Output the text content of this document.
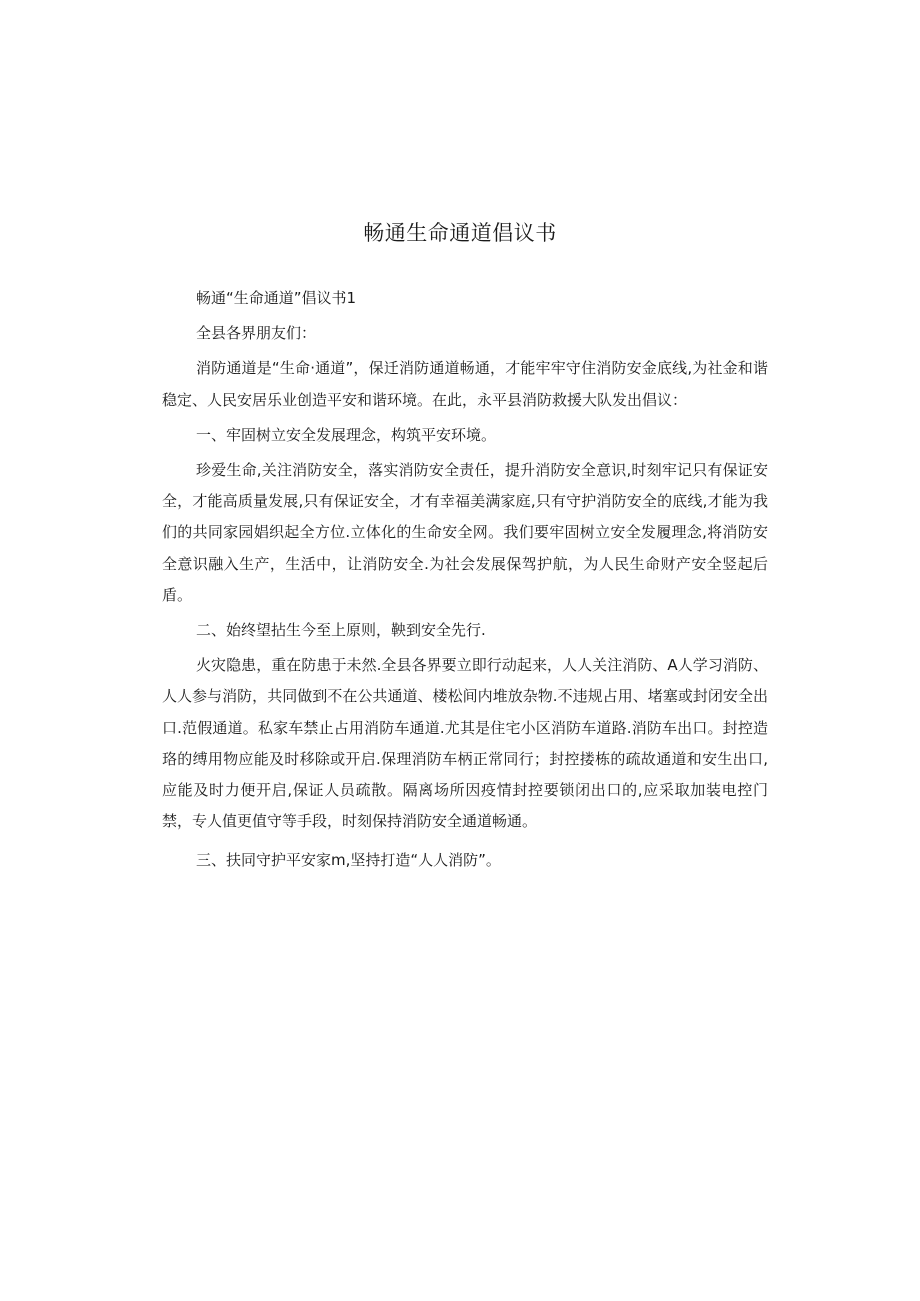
畅通生命通道倡议书

畅通“生命通道”倡议书1

全县各界朋友们：

消防通道是“生命·通道”，保迁消防通道畅通，才能牢牢守住消防安金底线,为社金和谐稳定、人民安居乐业创造平安和谐环境。在此，永平县消防救援大队发出倡议：

一、牢固树立安全发展理念，构筑平安环境。

珍爱生命,关注消防安全，落实消防安全责任，提升消防安全意识,时刻牢记只有保证安全，才能高质量发展,只有保证安全，才有幸福美满家庭,只有守护消防安全的底线,才能为我们的共同家园娼织起全方位.立体化的生命安全网。我们要牢固树立安全发履理念,将消防安全意识融入生产，生活中，让消防安全.为社会发展保驾护航，为人民生命财产安全竖起后盾。

二、始终望拈生今至上原则，鞅到安全先行.

火灾隐患，重在防患于未然.全县各界要立即行动起来，人人关注消防、A人学习消防、人人参与消防，共同做到不在公共通道、楼松间内堆放杂物.不违规占用、堵塞或封闭安全出口.范假通道。私家车禁止占用消防车通道.尤其是住宅小区消防车道路.消防车出口。封控造珞的缚用物应能及时移除或开启.保理消防车柄正常同行；封控搂栋的疏故通道和安生出口,应能及时力便开启,保证人员疏散。隔离场所因疫情封控要锁闭出口的,应采取加装电控门禁，专人值更值守等手段，时刻保持消防安全通道畅通。

三、扶同守护平安家m,坚持打造“人人消防”。
